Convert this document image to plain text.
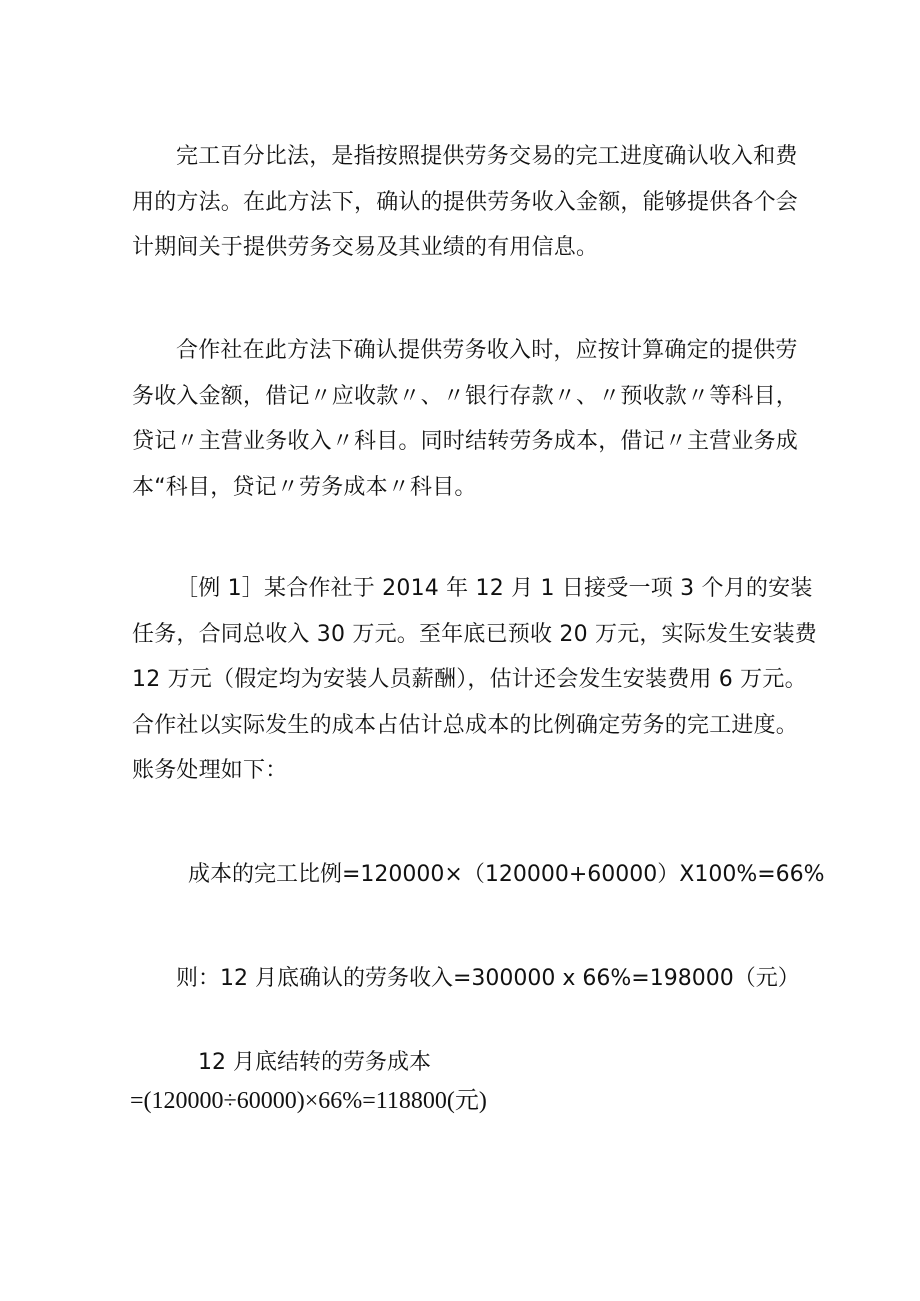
完工百分比法，是指按照提供劳务交易的完工进度确认收入和费
用的方法。在此方法下，确认的提供劳务收入金额，能够提供各个会
计期间关于提供劳务交易及其业绩的有用信息。
合作社在此方法下确认提供劳务收入时，应按计算确定的提供劳
务收入金额，借记〃应收款〃、〃银行存款〃、〃预收款〃等科目，
贷记〃主营业务收入〃科目。同时结转劳务成本，借记〃主营业务成
本“科目，贷记〃劳务成本〃科目。
［例 1］某合作社于 2014 年 12 月 1 日接受一项 3 个月的安装
任务，合同总收入 30 万元。至年底已预收 20 万元，实际发生安装费
12 万元（假定均为安装人员薪酬），估计还会发生安装费用 6 万元。
合作社以实际发生的成本占估计总成本的比例确定劳务的完工进度。
账务处理如下：

成本的完工比例=120000×（120000+60000）X100%=66%

则：12 月底确认的劳务收入=300000 x 66%=198000（元）

12 月底结转的劳务成本

=(120000÷60000)×66%=118800(元)
